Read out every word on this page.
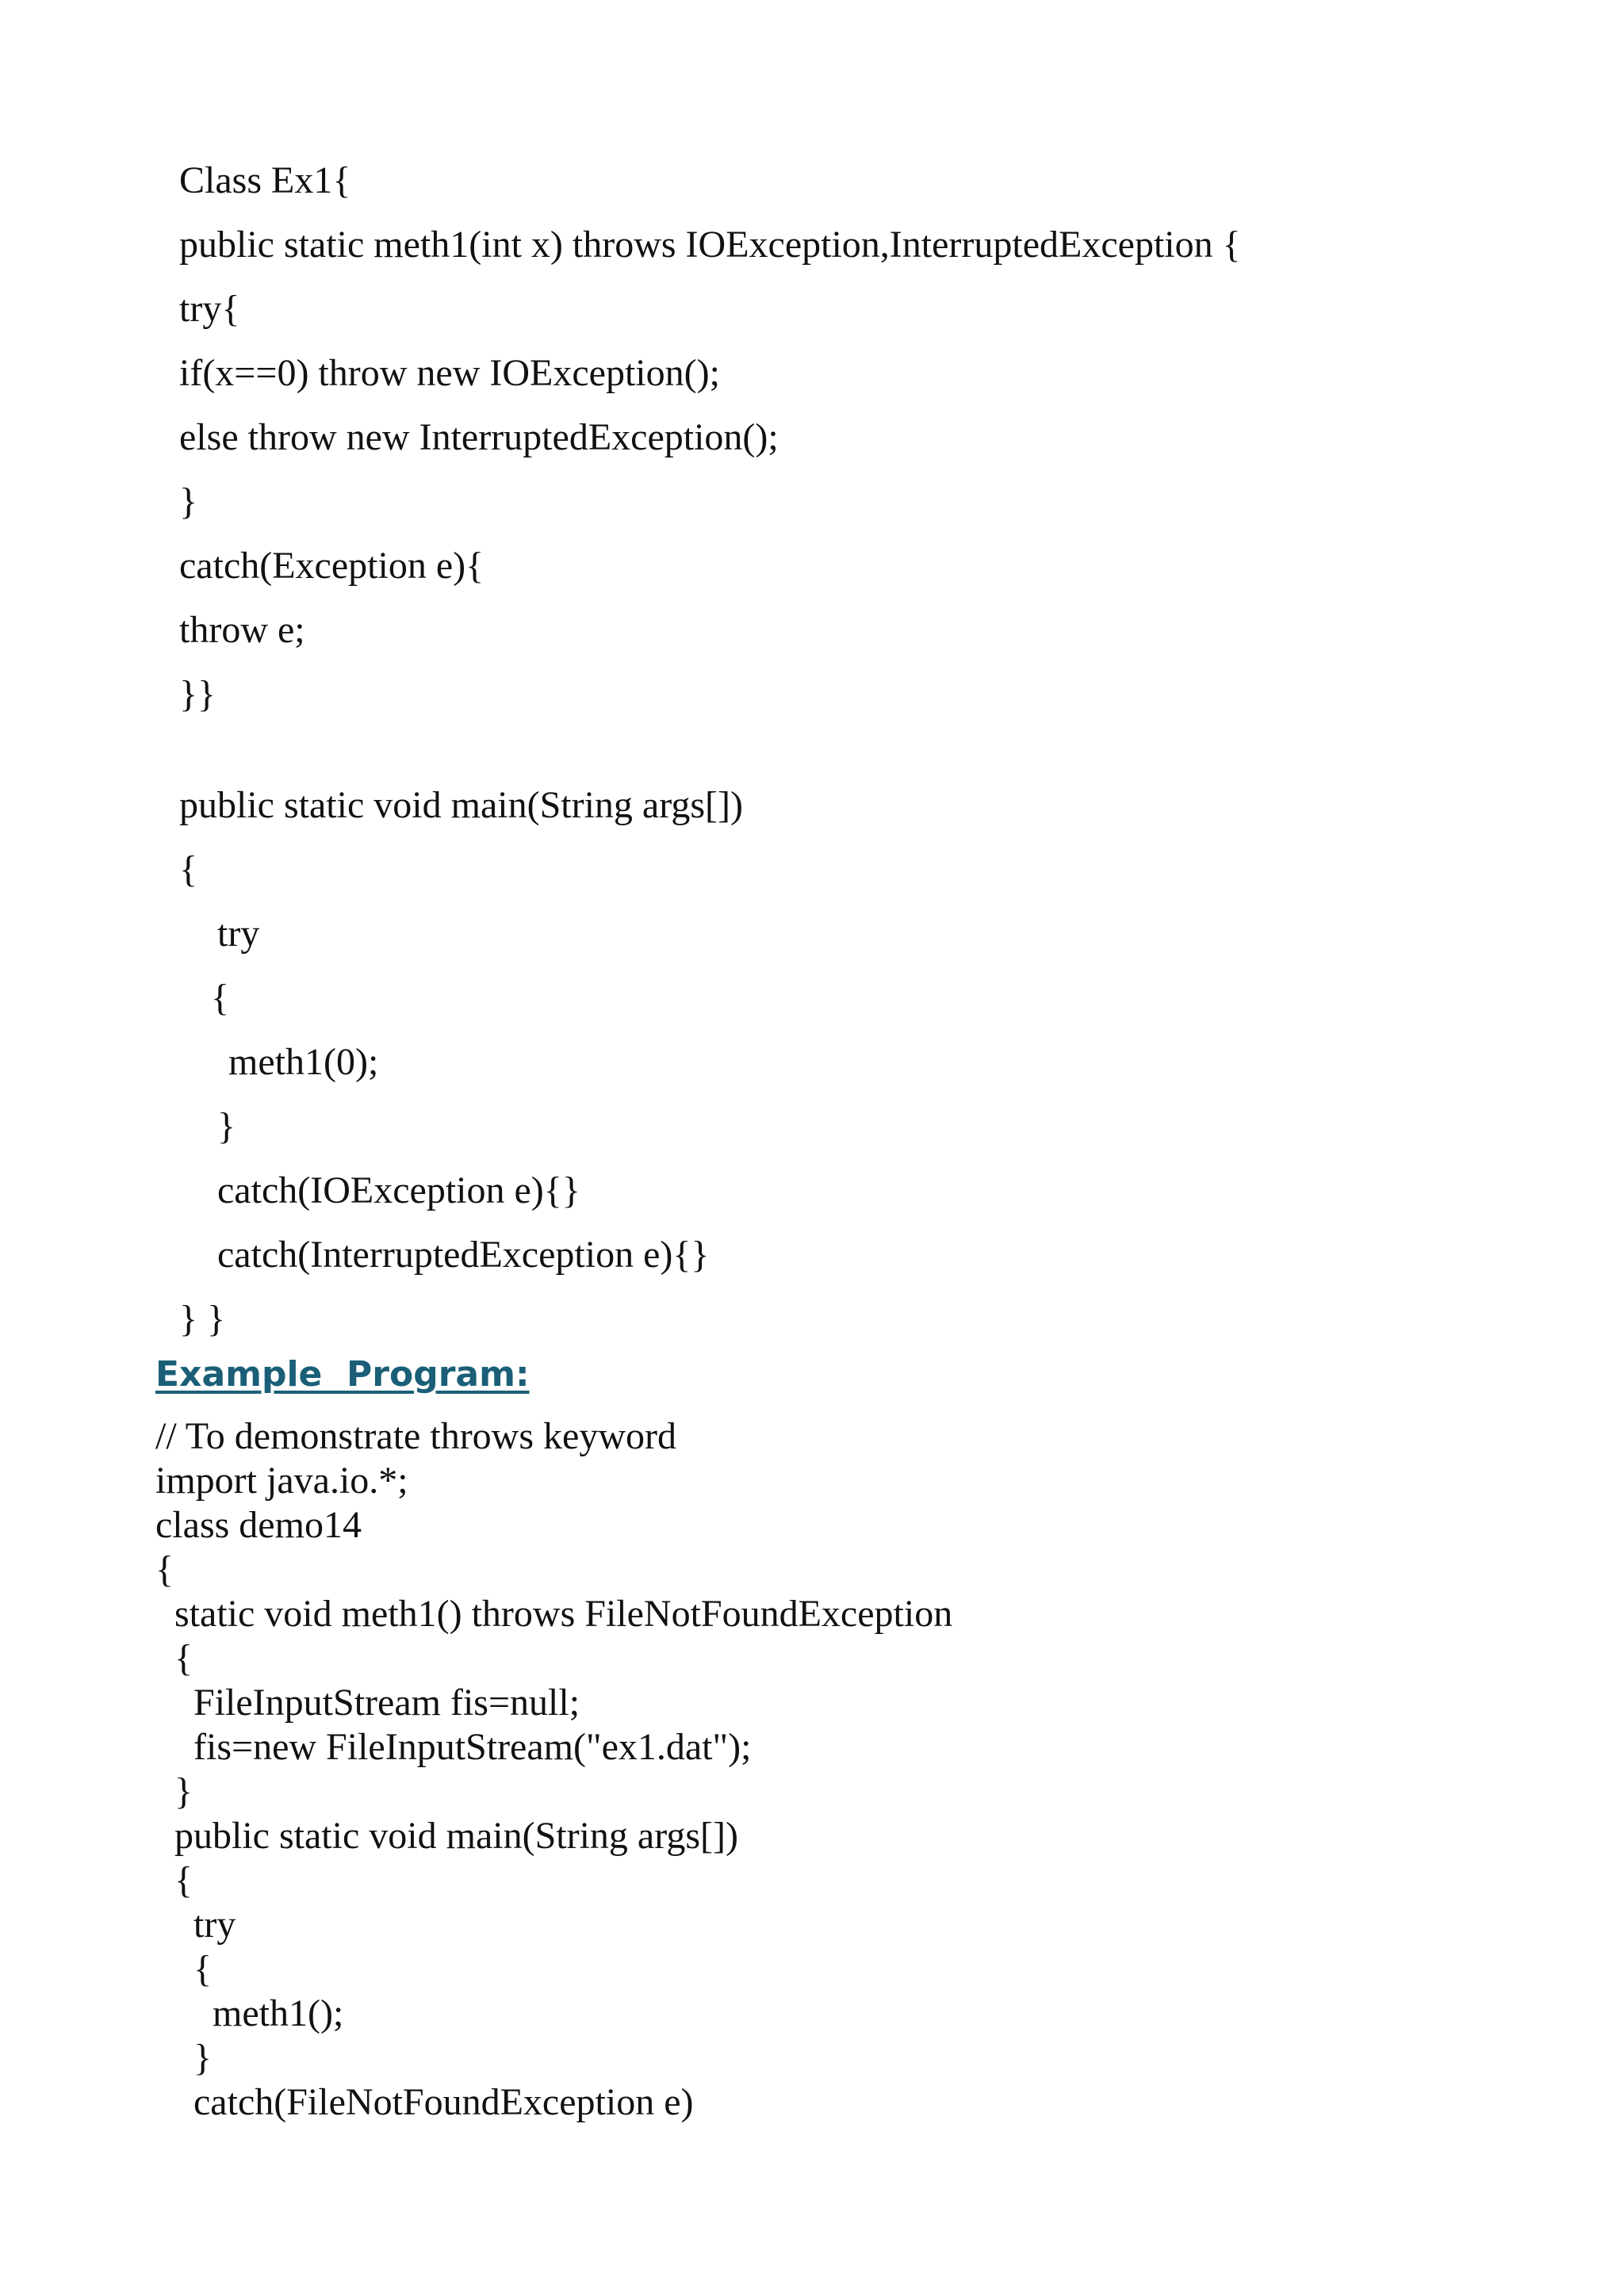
Class Ex1{
public static meth1(int x) throws IOException,InterruptedException {
try{
if(x==0) throw new IOException();
else throw new InterruptedException();
}
catch(Exception e){
throw e;
}}
public static void main(String args[])
{
try
{
meth1(0);
}
catch(IOException e){}
catch(InterruptedException e){}
} }
Example  Program:
// To demonstrate throws keyword
import java.io.*;
class demo14
{
static void meth1() throws FileNotFoundException
{
FileInputStream fis=null;
fis=new FileInputStream("ex1.dat");
}
public static void main(String args[])
{
try
{
meth1();
}
catch(FileNotFoundException e)
